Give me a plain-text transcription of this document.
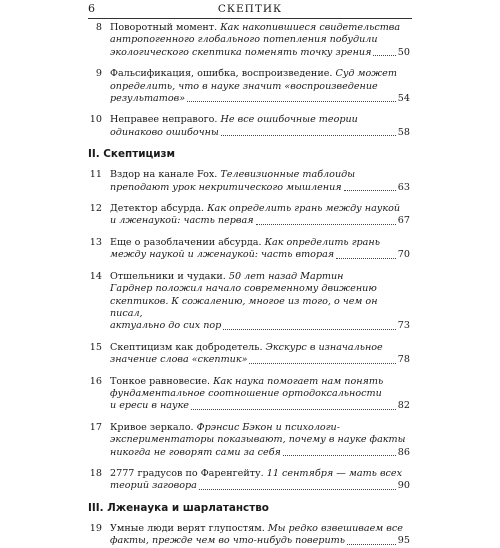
6	СКЕПТИК
8 Поворотный момент. Как накопившиеся свидетельства
антропогенного глобального потепления побудили
экологического скептика поменять точку зрения	50
9 Фальсификация, ошибка, воспроизведение. Суд может
определить, что в науке значит «воспроизведение
результатов»	54
10 Неправее неправого. Не все ошибочные теории
одинаково ошибочны	58
II. Скептицизм
11 Вздор на канале Fox. Телевизионные таблоиды
преподают урок некритического мышления	63
12 Детектор абсурда. Как определить грань между наукой
и лженаукой: часть первая	67
13 Еще о разоблачении абсурда. Как определить грань
между наукой и лженаукой: часть вторая	70
14 Отшельники и чудаки. 50 лет назад Мартин
Гарднер положил начало современному движению
скептиков. К сожалению, многое из того, о чем он писал,
актуально до сих пор	73
15 Скептицизм как добродетель. Экскурс в изначальное
значение слова «скептик»	78
16 Тонкое равновесие. Как наука помогает нам понять
фундаментальное соотношение ортодоксальности
и ереси в науке	82
17 Кривое зеркало. Фрэнсис Бэкон и психологи-
экспериментаторы показывают, почему в науке факты
никогда не говорят сами за себя	86
18 2777 градусов по Фаренгейту. 11 сентября — мать всех
теорий заговора	90
III. Лженаука и шарлатанство
19 Умные люди верят глупостям. Мы редко взвешиваем все
факты, прежде чем во что-нибудь поверить	95
